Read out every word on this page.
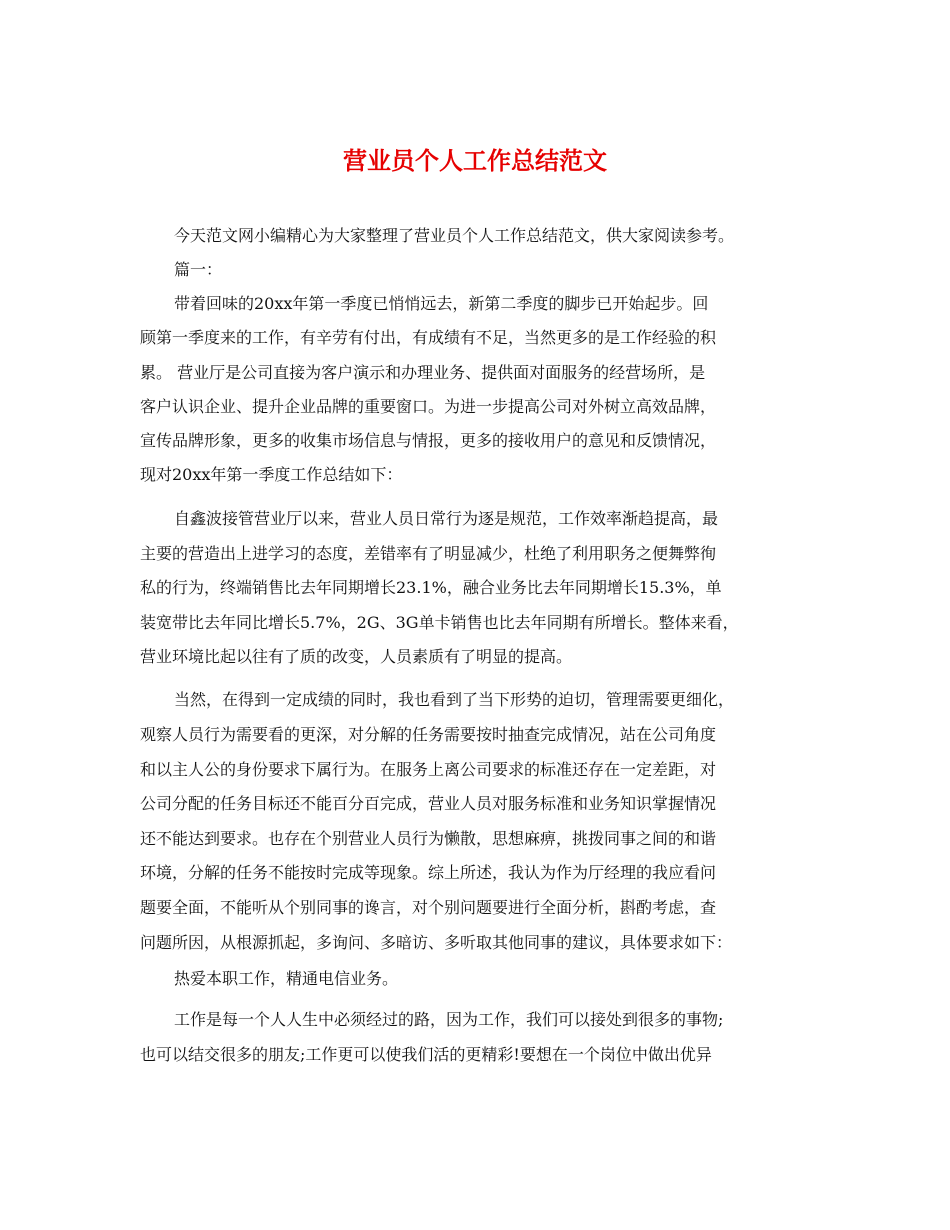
营业员个人工作总结范文

今天范文网小编精心为大家整理了营业员个人工作总结范文，供大家阅读参考。

篇一：

带着回味的20xx年第一季度已悄悄远去，新第二季度的脚步已开始起步。回

顾第一季度来的工作，有辛劳有付出，有成绩有不足，当然更多的是工作经验的积

累。 营业厅是公司直接为客户演示和办理业务、提供面对面服务的经营场所，是

客户认识企业、提升企业品牌的重要窗口。为进一步提高公司对外树立高效品牌，

宣传品牌形象，更多的收集市场信息与情报，更多的接收用户的意见和反馈情况，

现对20xx年第一季度工作总结如下：

自鑫波接管营业厅以来，营业人员日常行为逐是规范，工作效率渐趋提高，最

主要的营造出上进学习的态度，差错率有了明显减少，杜绝了利用职务之便舞弊徇

私的行为，终端销售比去年同期增长23.1%，融合业务比去年同期增长15.3%，单

装宽带比去年同比增长5.7%，2G、3G单卡销售也比去年同期有所增长。整体来看，

营业环境比起以往有了质的改变，人员素质有了明显的提高。

当然，在得到一定成绩的同时，我也看到了当下形势的迫切，管理需要更细化，

观察人员行为需要看的更深，对分解的任务需要按时抽查完成情况，站在公司角度

和以主人公的身份要求下属行为。在服务上离公司要求的标准还存在一定差距，对

公司分配的任务目标还不能百分百完成，营业人员对服务标准和业务知识掌握情况

还不能达到要求。也存在个别营业人员行为懒散，思想麻痹，挑拨同事之间的和谐

环境，分解的任务不能按时完成等现象。综上所述，我认为作为厅经理的我应看问

题要全面，不能听从个别同事的谗言，对个别问题要进行全面分析，斟酌考虑，查

问题所因，从根源抓起，多询问、多暗访、多听取其他同事的建议，具体要求如下：

热爱本职工作，精通电信业务。

工作是每一个人人生中必须经过的路，因为工作，我们可以接处到很多的事物;

也可以结交很多的朋友;工作更可以使我们活的更精彩!要想在一个岗位中做出优异
